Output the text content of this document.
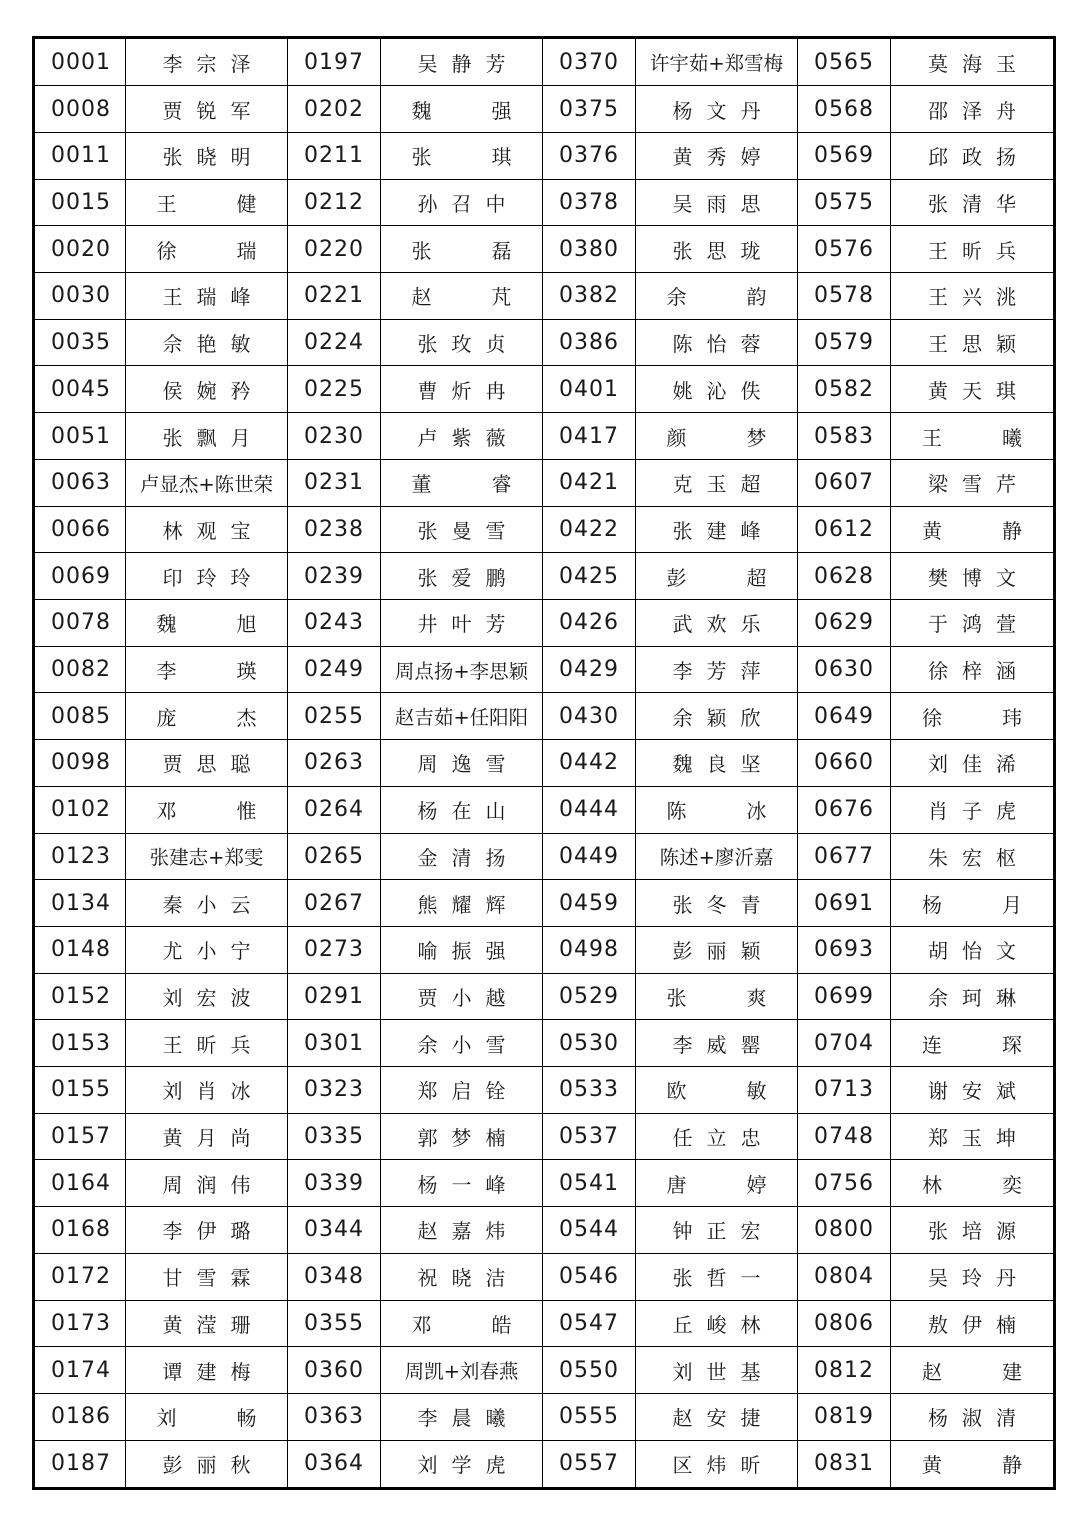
0001	李宗泽	0197	吴静芳	0370	许宇茹+郑雪梅	0565	莫海玉
0008	贾锐军	0202	魏 强	0375	杨文丹	0568	邵泽舟
0011	张晓明	0211	张 琪	0376	黄秀婷	0569	邱政扬
0015	王 健	0212	孙召中	0378	吴雨思	0575	张清华
0020	徐 瑞	0220	张 磊	0380	张思珑	0576	王昕兵
0030	王瑞峰	0221	赵 芃	0382	余 韵	0578	王兴洮
0035	佘艳敏	0224	张玫贞	0386	陈怡蓉	0579	王思颖
0045	侯婉矜	0225	曹炘冉	0401	姚沁佚	0582	黄天琪
0051	张飘月	0230	卢紫薇	0417	颜 梦	0583	王 曦
0063	卢显杰+陈世荣	0231	董 睿	0421	克玉超	0607	梁雪芹
0066	林观宝	0238	张曼雪	0422	张建峰	0612	黄 静
0069	印玲玲	0239	张爱鹏	0425	彭 超	0628	樊博文
0078	魏 旭	0243	井叶芳	0426	武欢乐	0629	于鸿萱
0082	李 瑛	0249	周点扬+李思颖	0429	李芳萍	0630	徐梓涵
0085	庞 杰	0255	赵吉茹+任阳阳	0430	余颖欣	0649	徐 玮
0098	贾思聪	0263	周逸雪	0442	魏良坚	0660	刘佳浠
0102	邓 惟	0264	杨在山	0444	陈 冰	0676	肖子虎
0123	张建志+郑雯	0265	金清扬	0449	陈述+廖沂嘉	0677	朱宏枢
0134	秦小云	0267	熊耀辉	0459	张冬青	0691	杨 月
0148	尤小宁	0273	喻振强	0498	彭丽颖	0693	胡怡文
0152	刘宏波	0291	贾小越	0529	张 爽	0699	余珂琳
0153	王昕兵	0301	余小雪	0530	李威罂	0704	连 琛
0155	刘肖冰	0323	郑启铨	0533	欧 敏	0713	谢安斌
0157	黄月尚	0335	郭梦楠	0537	任立忠	0748	郑玉坤
0164	周润伟	0339	杨一峰	0541	唐 婷	0756	林 奕
0168	李伊璐	0344	赵嘉炜	0544	钟正宏	0800	张培源
0172	甘雪霖	0348	祝晓洁	0546	张哲一	0804	吴玲丹
0173	黄滢珊	0355	邓 皓	0547	丘峻林	0806	敖伊楠
0174	谭建梅	0360	周凯+刘春燕	0550	刘世基	0812	赵 建
0186	刘 畅	0363	李晨曦	0555	赵安捷	0819	杨淑清
0187	彭丽秋	0364	刘学虎	0557	区炜昕	0831	黄 静
